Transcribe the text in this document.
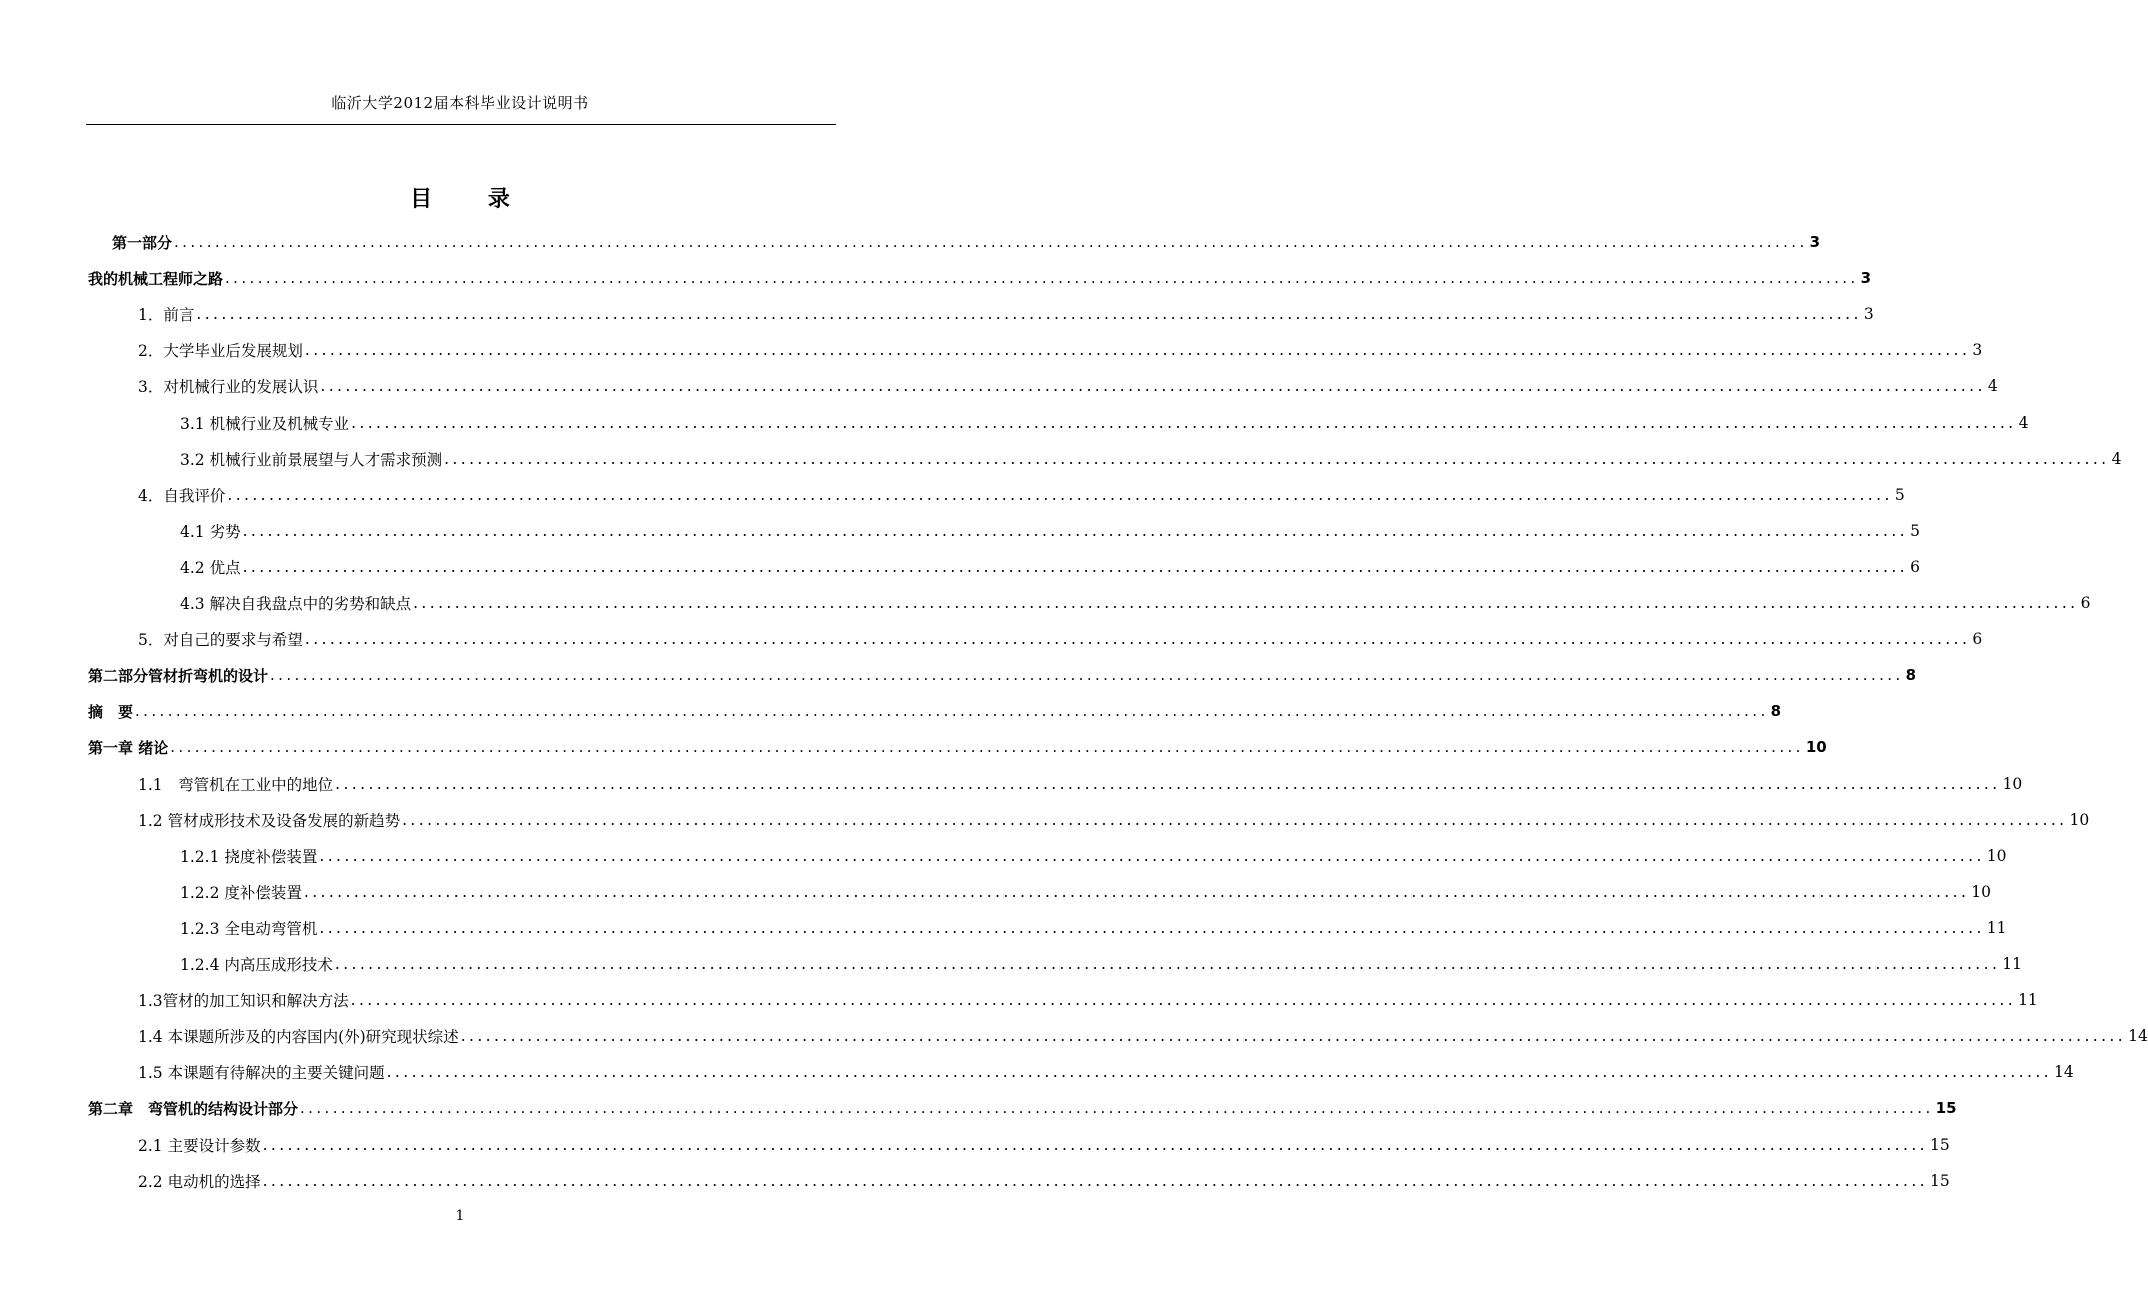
临沂大学2012届本科毕业设计说明书
目 录
第一部分 ........................................................................................................................................................................................................ 3
我的机械工程师之路 ........................................................................................................................................................................................................ 3
1．前言 ........................................................................................................................................................................................................ 3
2．大学毕业后发展规划 ........................................................................................................................................................................................................ 3
3．对机械行业的发展认识 ........................................................................................................................................................................................................ 4
3.1 机械行业及机械专业 ........................................................................................................................................................................................................ 4
3.2 机械行业前景展望与人才需求预测 ........................................................................................................................................................................................................ 4
4．自我评价 ........................................................................................................................................................................................................ 5
4.1 劣势 ........................................................................................................................................................................................................ 5
4.2 优点 ........................................................................................................................................................................................................ 6
4.3 解决自我盘点中的劣势和缺点 ........................................................................................................................................................................................................ 6
5．对自己的要求与希望 ........................................................................................................................................................................................................ 6
第二部分管材折弯机的设计 ........................................................................................................................................................................................................ 8
摘　要 ........................................................................................................................................................................................................ 8
第一章 绪论 ........................................................................................................................................................................................................ 10
1.1　弯管机在工业中的地位 ........................................................................................................................................................................................................ 10
1.2 管材成形技术及设备发展的新趋势 ........................................................................................................................................................................................................ 10
1.2.1 挠度补偿装置 ........................................................................................................................................................................................................ 10
1.2.2 度补偿装置 ........................................................................................................................................................................................................ 10
1.2.3 全电动弯管机 ........................................................................................................................................................................................................ 11
1.2.4 内高压成形技术 ........................................................................................................................................................................................................ 11
1.3管材的加工知识和解决方法 ........................................................................................................................................................................................................ 11
1.4 本课题所涉及的内容国内(外)研究现状综述 ........................................................................................................................................................................................................ 14
1.5 本课题有待解决的主要关键问题 ........................................................................................................................................................................................................ 14
第二章　弯管机的结构设计部分 ........................................................................................................................................................................................................ 15
2.1 主要设计参数 ........................................................................................................................................................................................................ 15
2.2 电动机的选择 ........................................................................................................................................................................................................ 15
1
